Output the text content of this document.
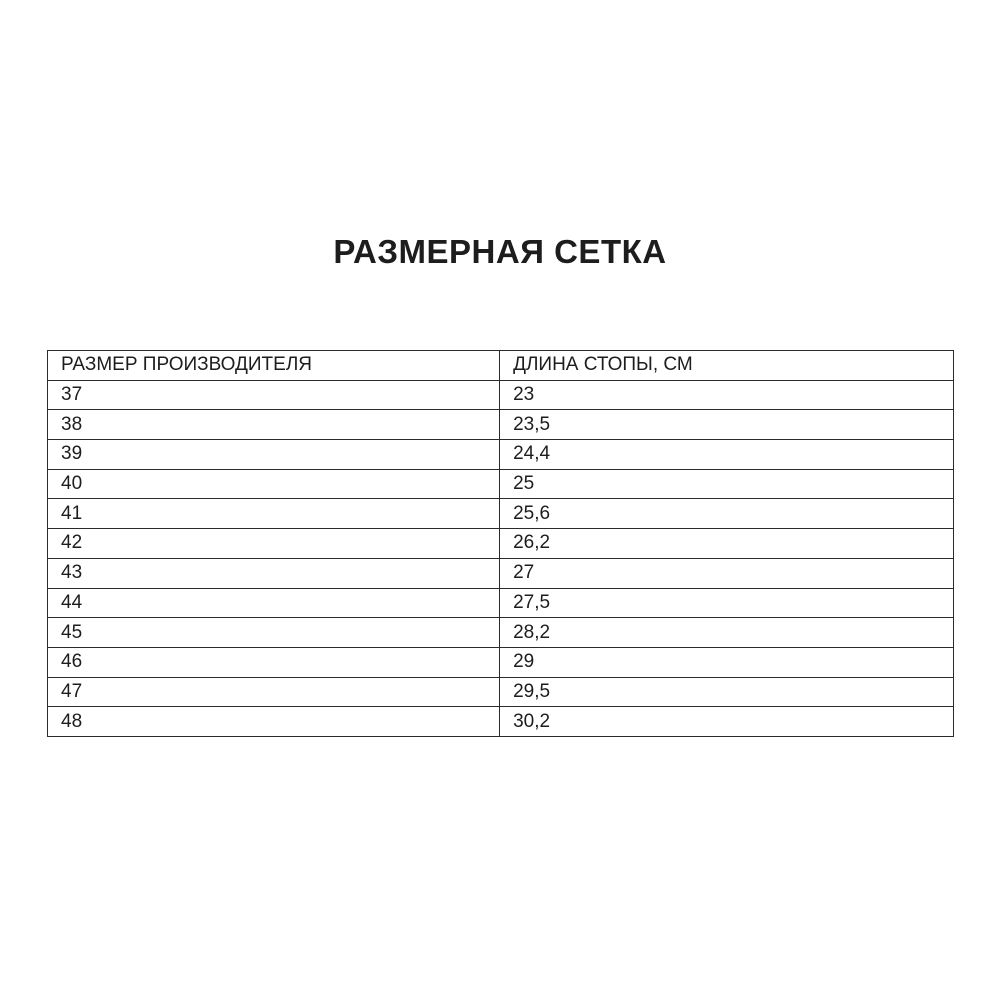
РАЗМЕРНАЯ СЕТКА
РАЗМЕР ПРОИЗВОДИТЕЛЯ	ДЛИНА СТОПЫ, СМ
37	23
38	23,5
39	24,4
40	25
41	25,6
42	26,2
43	27
44	27,5
45	28,2
46	29
47	29,5
48	30,2
